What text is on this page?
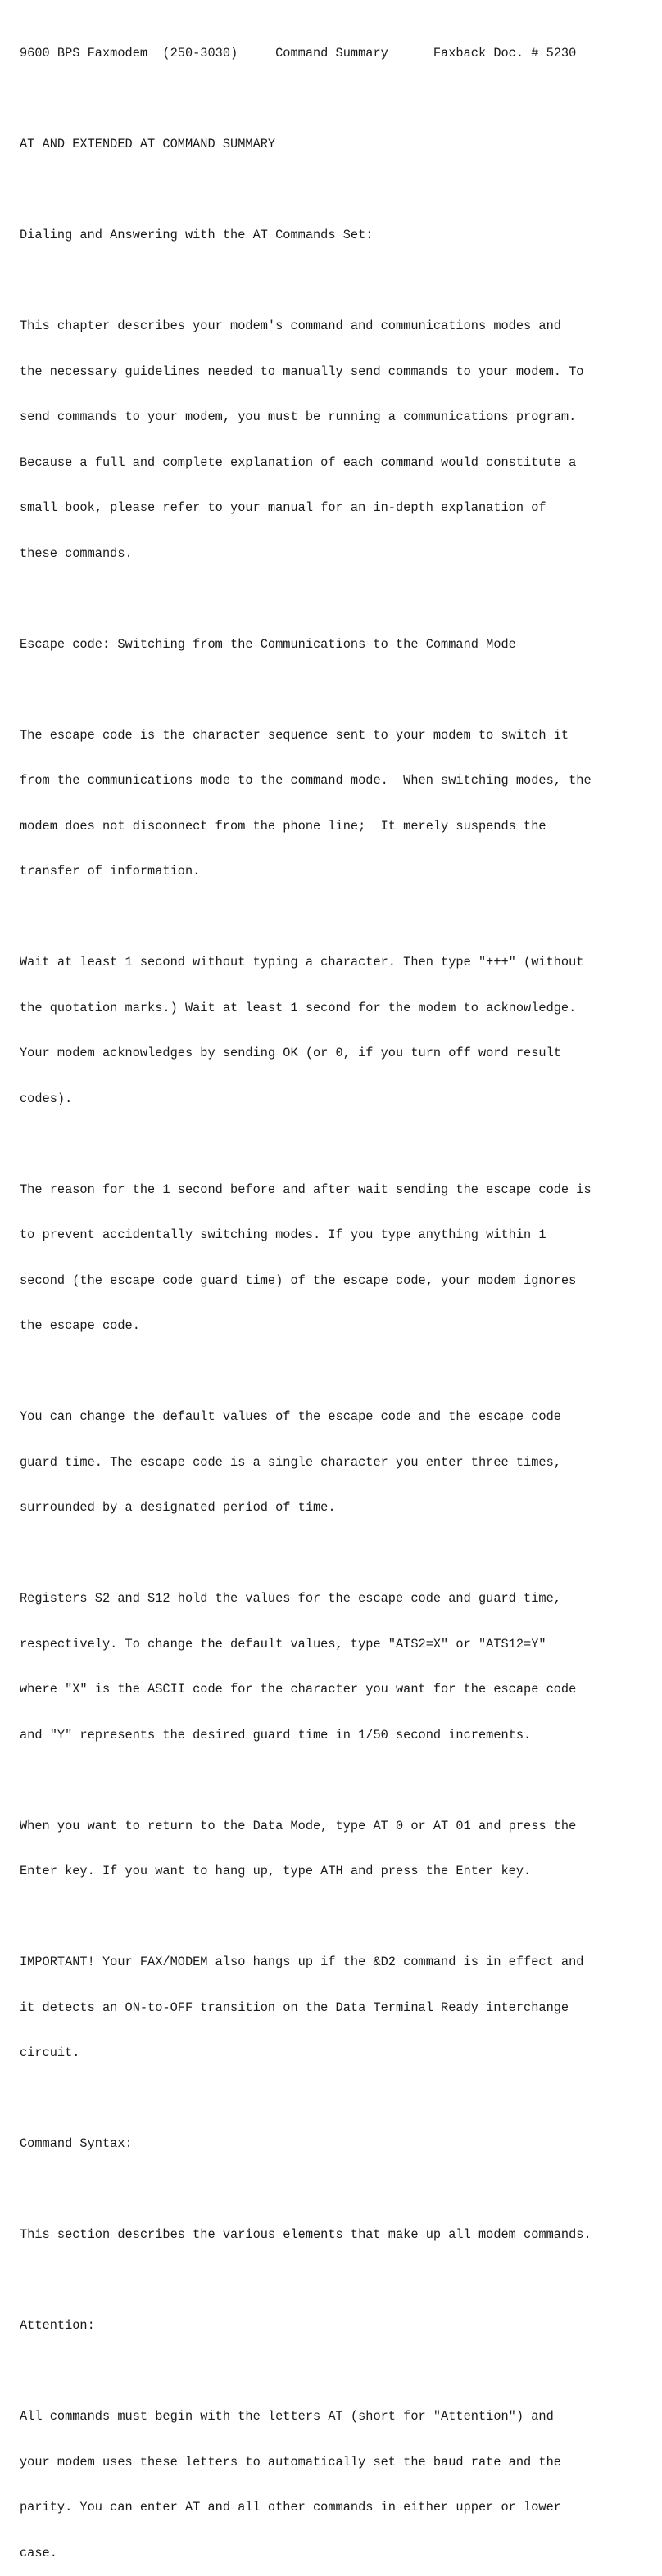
9600 BPS Faxmodem  (250-3030)     Command Summary      Faxback Doc. # 5230

AT AND EXTENDED AT COMMAND SUMMARY

Dialing and Answering with the AT Commands Set:

This chapter describes your modem's command and communications modes and

the necessary guidelines needed to manually send commands to your modem. To

send commands to your modem, you must be running a communications program.

Because a full and complete explanation of each command would constitute a

small book, please refer to your manual for an in-depth explanation of

these commands.

Escape code: Switching from the Communications to the Command Mode

The escape code is the character sequence sent to your modem to switch it

from the communications mode to the command mode.  When switching modes, the

modem does not disconnect from the phone line;  It merely suspends the

transfer of information.

Wait at least 1 second without typing a character. Then type "+++" (without

the quotation marks.) Wait at least 1 second for the modem to acknowledge.

Your modem acknowledges by sending OK (or 0, if you turn off word result

codes).

The reason for the 1 second before and after wait sending the escape code is

to prevent accidentally switching modes. If you type anything within 1

second (the escape code guard time) of the escape code, your modem ignores

the escape code.

You can change the default values of the escape code and the escape code

guard time. The escape code is a single character you enter three times,

surrounded by a designated period of time.

Registers S2 and S12 hold the values for the escape code and guard time,

respectively. To change the default values, type "ATS2=X" or "ATS12=Y"

where "X" is the ASCII code for the character you want for the escape code

and "Y" represents the desired guard time in 1/50 second increments.

When you want to return to the Data Mode, type AT 0 or AT 01 and press the

Enter key. If you want to hang up, type ATH and press the Enter key.

IMPORTANT! Your FAX/MODEM also hangs up if the &D2 command is in effect and

it detects an ON-to-OFF transition on the Data Terminal Ready interchange

circuit.

Command Syntax:

This section describes the various elements that make up all modem commands.

Attention:

All commands must begin with the letters AT (short for "Attention") and

your modem uses these letters to automatically set the baud rate and the

parity. You can enter AT and all other commands in either upper or lower

case.
